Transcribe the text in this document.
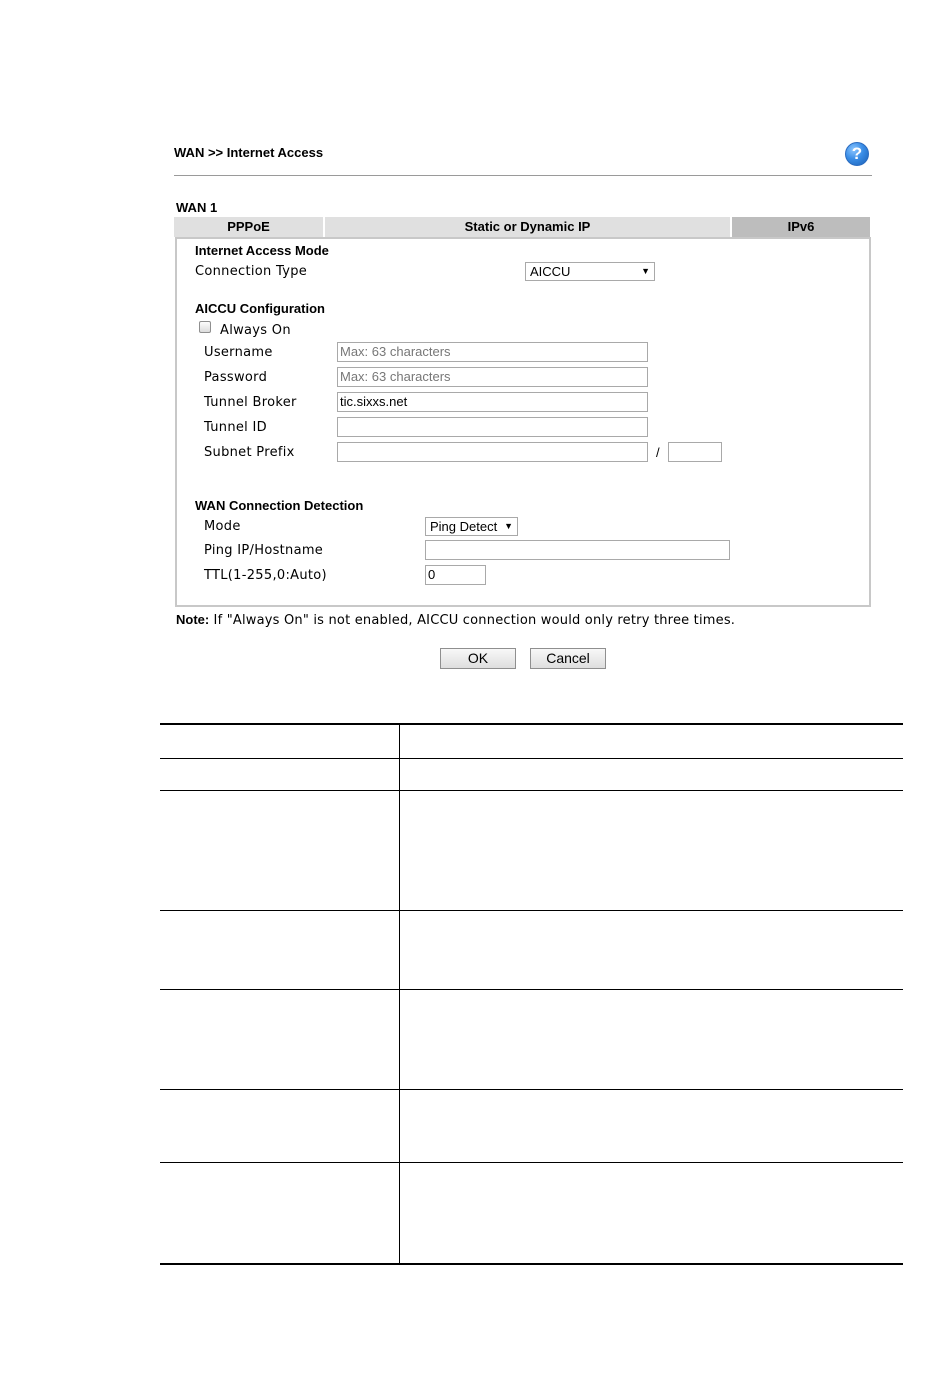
WAN >> Internet Access	?
WAN 1
PPPoE	Static or Dynamic IP	IPv6
Internet Access Mode
Connection Type	AICCU	▼
AICCU Configuration
Always On
Username	Max: 63 characters
Password	Max: 63 characters
Tunnel Broker	tic.sixxs.net
Tunnel ID
Subnet Prefix	/
WAN Connection Detection
Mode	Ping Detect ▼
Ping IP/Hostname
TTL(1-255,0:Auto)	0
Note: If "Always On" is not enabled, AICCU connection would only retry three times.
OK	Cancel
